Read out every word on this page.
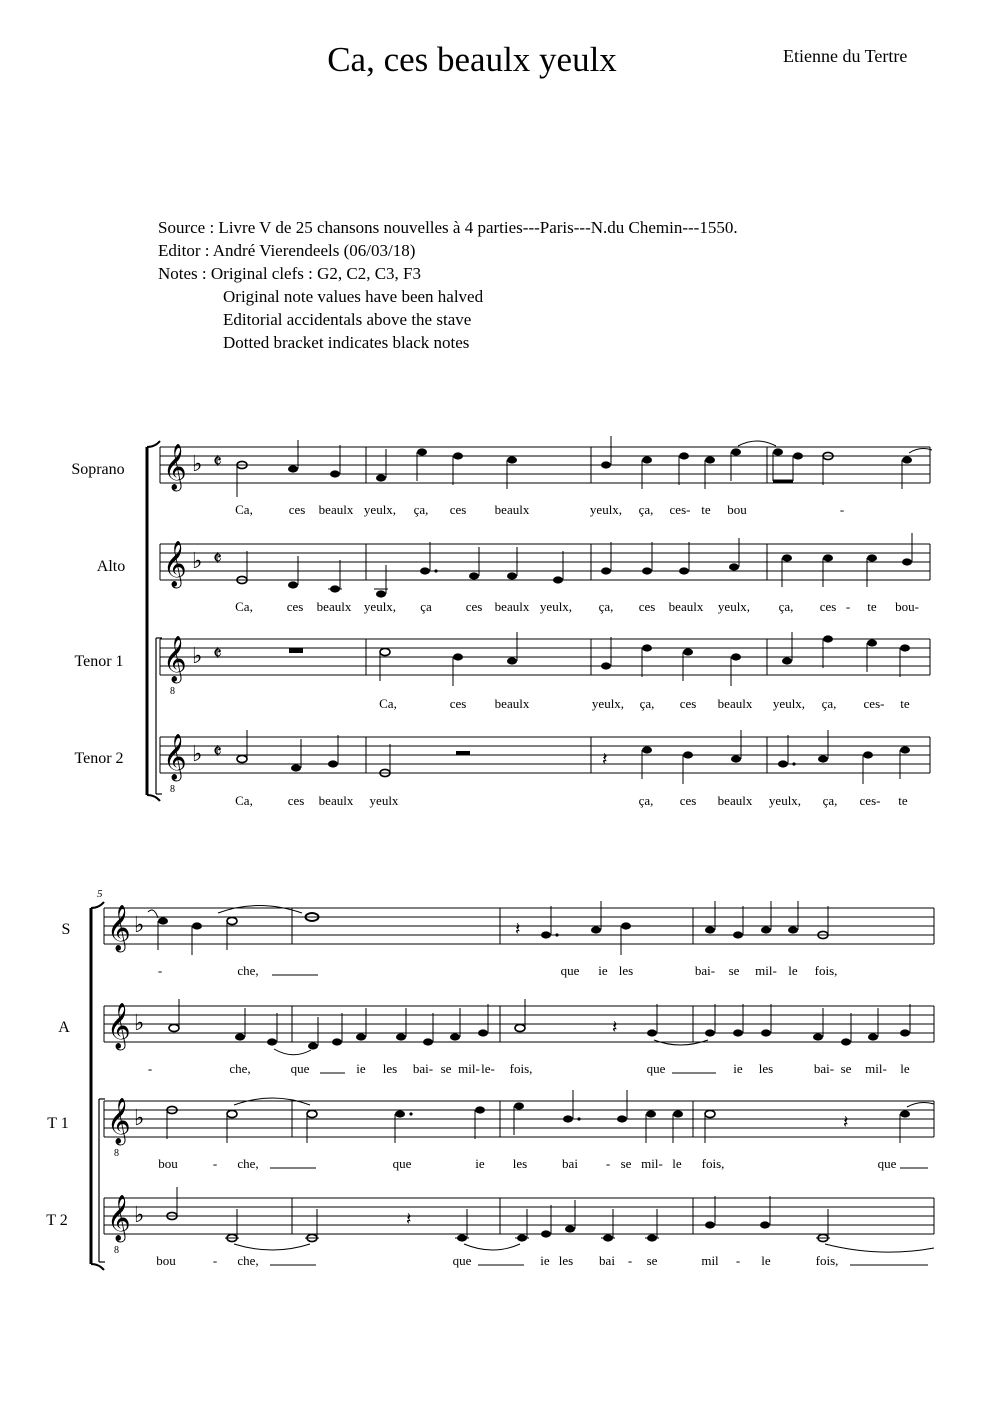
Ca, ces beaulx yeulx	Etienne du Tertre
Source : Livre V de 25 chansons nouvelles à 4 parties---Paris---N.du Chemin---1550.
Editor : André Vierendeels (06/03/18)
Notes : Original clefs : G2, C2, C3, F3
Original note values have been halved
Editorial accidentals above the stave
Dotted bracket indicates black notes
Soprano 𝄞 ♭ 𝄵
Ca,	ces beaulx yeulx, ça, ces beaulx	yeulx, ça, ces- te bou	-
Alto 𝄞 ♭ 𝄵
Ca,	ces beaulx yeulx, ça	ces beaulx yeulx, ça, ces beaulx yeulx, ça, ces - te bou-
Tenor 1 𝄞
8
♭ 𝄵
Ca,	ces beaulx	yeulx, ça, ces beaulx yeulx, ça, ces- te
Tenor 2 𝄞
8
♭ 𝄵	𝄽
Ca,	ces beaulx yeulx	ça, ces beaulx yeulx, ça, ces- te
5
S 𝄞 ♭	𝄽
-	che,	que ie les	bai- se mil- le fois,
A 𝄞 ♭	𝄽
-	che,	que	ie les bai- se mil- le- fois,	que	ie les	bai- se mil- le
T 1 𝄞
8
♭	𝄽
bou	- che,	que	ie les	bai - se mil- le fois,	que
T 2 𝄞
8
♭	𝄽
bou	- che,	que	ie les bai - se	mil - le	fois,
